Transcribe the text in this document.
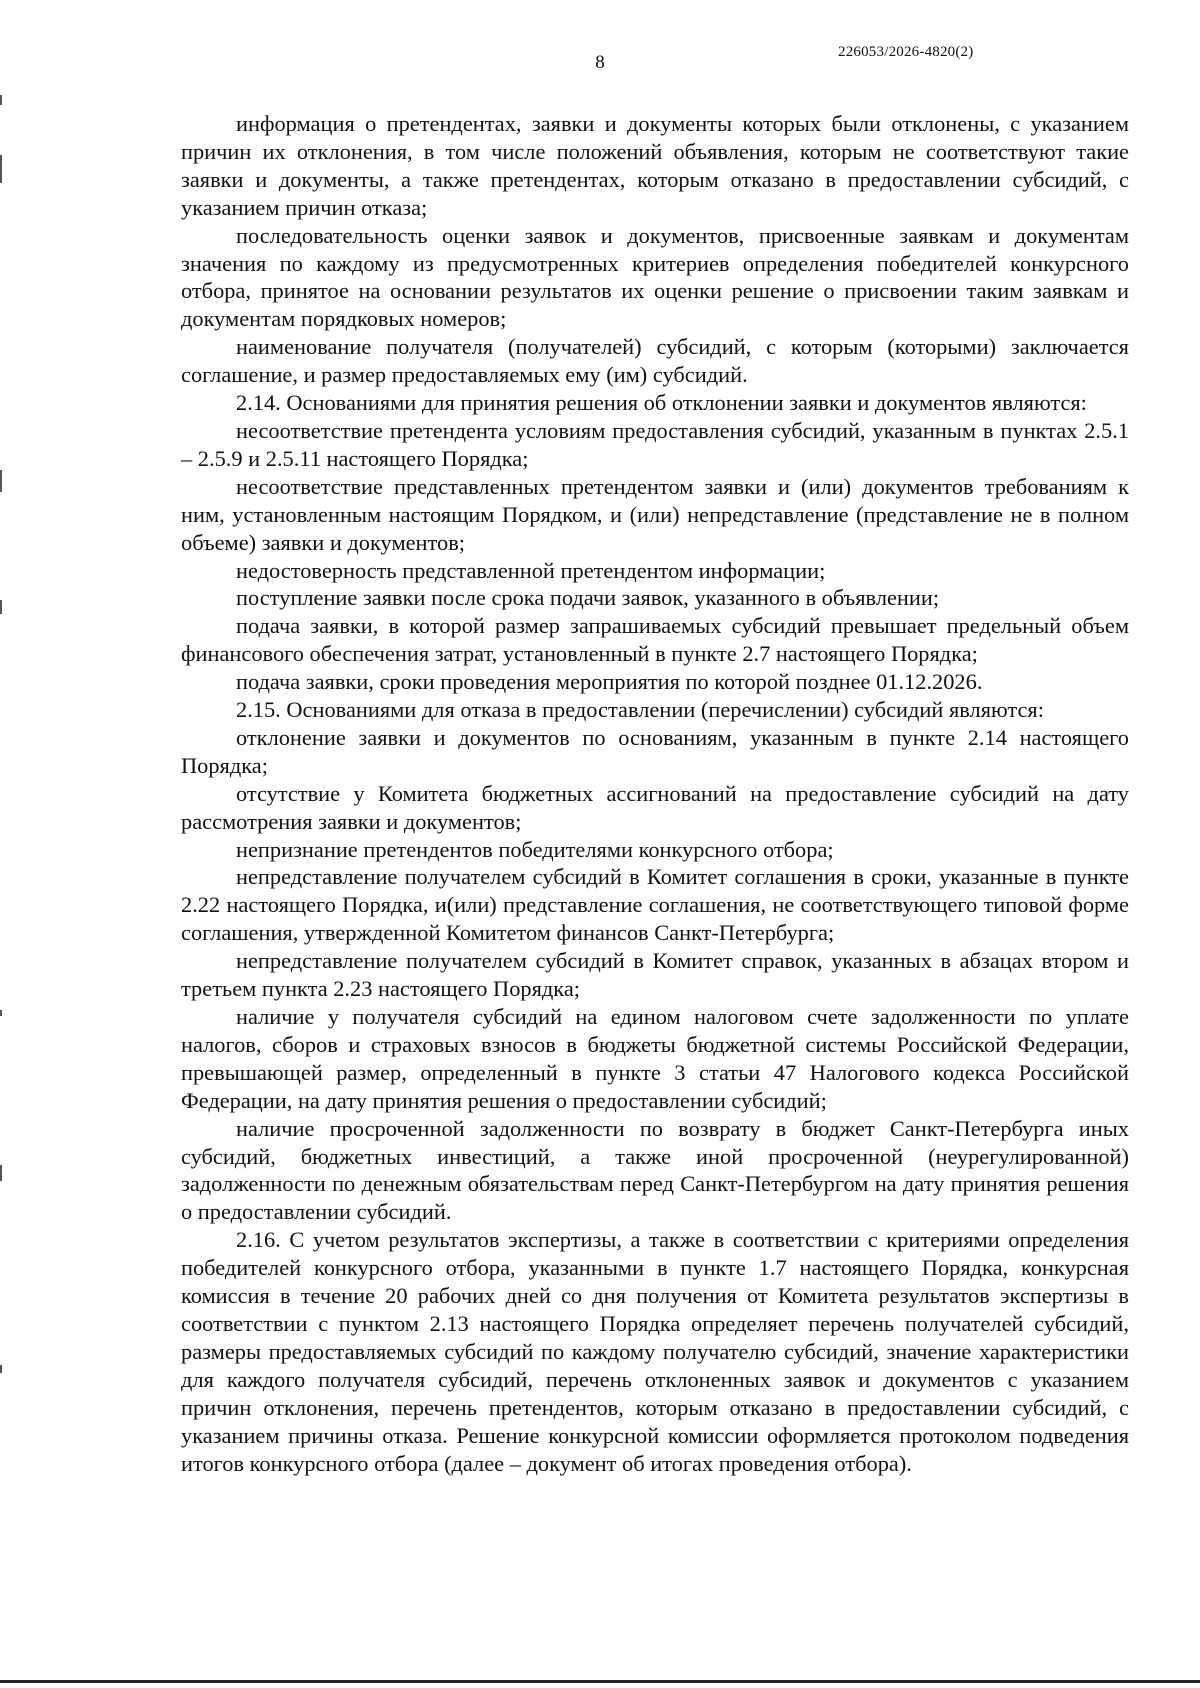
8	226053/2026-4820(2)

информация о претендентах, заявки и документы которых были отклонены, с указанием причин их отклонения, в том числе положений объявления, которым не соответствуют такие заявки и документы, а также претендентах, которым отказано в предоставлении субсидий, с указанием причин отказа;

последовательность оценки заявок и документов, присвоенные заявкам и документам значения по каждому из предусмотренных критериев определения победителей конкурсного отбора, принятое на основании результатов их оценки решение о присвоении таким заявкам и документам порядковых номеров;

наименование получателя (получателей) субсидий, с которым (которыми) заключается соглашение, и размер предоставляемых ему (им) субсидий.

2.14. Основаниями для принятия решения об отклонении заявки и документов являются:

несоответствие претендента условиям предоставления субсидий, указанным в пунктах 2.5.1 – 2.5.9 и 2.5.11 настоящего Порядка;

несоответствие представленных претендентом заявки и (или) документов требованиям к ним, установленным настоящим Порядком, и (или) непредставление (представление не в полном объеме) заявки и документов;

недостоверность представленной претендентом информации;

поступление заявки после срока подачи заявок, указанного в объявлении;

подача заявки, в которой размер запрашиваемых субсидий превышает предельный объем финансового обеспечения затрат, установленный в пункте 2.7 настоящего Порядка;

подача заявки, сроки проведения мероприятия по которой позднее 01.12.2026.

2.15. Основаниями для отказа в предоставлении (перечислении) субсидий являются:

отклонение заявки и документов по основаниям, указанным в пункте 2.14 настоящего Порядка;

отсутствие у Комитета бюджетных ассигнований на предоставление субсидий на дату рассмотрения заявки и документов;

непризнание претендентов победителями конкурсного отбора;

непредставление получателем субсидий в Комитет соглашения в сроки, указанные в пункте 2.22 настоящего Порядка, и(или) представление соглашения, не соответствующего типовой форме соглашения, утвержденной Комитетом финансов Санкт-Петербурга;

непредставление получателем субсидий в Комитет справок, указанных в абзацах втором и третьем пункта 2.23 настоящего Порядка;

наличие у получателя субсидий на едином налоговом счете задолженности по уплате налогов, сборов и страховых взносов в бюджеты бюджетной системы Российской Федерации, превышающей размер, определенный в пункте 3 статьи 47 Налогового кодекса Российской Федерации, на дату принятия решения о предоставлении субсидий;

наличие просроченной задолженности по возврату в бюджет Санкт-Петербурга иных субсидий, бюджетных инвестиций, а также иной просроченной (неурегулированной) задолженности по денежным обязательствам перед Санкт-Петербургом на дату принятия решения о предоставлении субсидий.

2.16. С учетом результатов экспертизы, а также в соответствии с критериями определения победителей конкурсного отбора, указанными в пункте 1.7 настоящего Порядка, конкурсная комиссия в течение 20 рабочих дней со дня получения от Комитета результатов экспертизы в соответствии с пунктом 2.13 настоящего Порядка определяет перечень получателей субсидий, размеры предоставляемых субсидий по каждому получателю субсидий, значение характеристики для каждого получателя субсидий, перечень отклоненных заявок и документов с указанием причин отклонения, перечень претендентов, которым отказано в предоставлении субсидий, с указанием причины отказа. Решение конкурсной комиссии оформляется протоколом подведения итогов конкурсного отбора (далее – документ об итогах проведения отбора).
